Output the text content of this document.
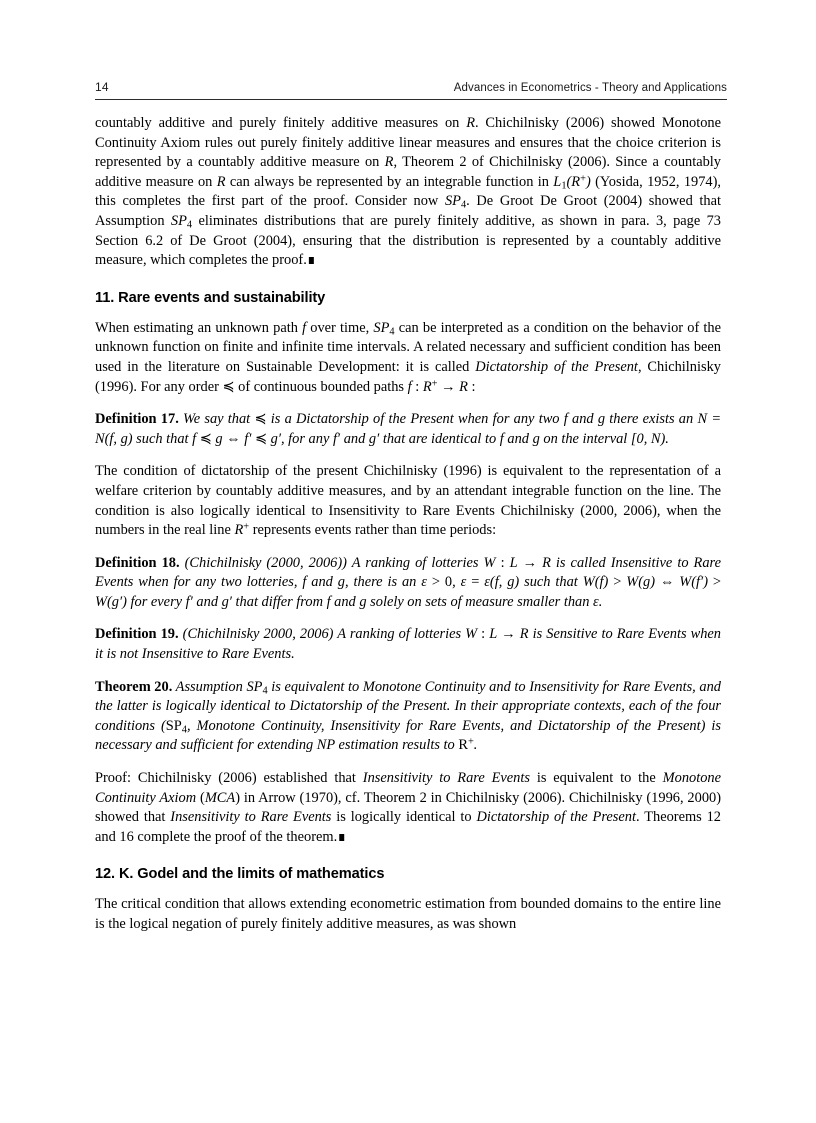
14	Advances in Econometrics - Theory and Applications

countably additive and purely finitely additive measures on R. Chichilnisky (2006) showed Monotone Continuity Axiom rules out purely finitely additive linear measures and ensures that the choice criterion is represented by a countably additive measure on R, Theorem 2 of Chichilnisky (2006). Since a countably additive measure on R can always be represented by an integrable function in $L_1(R^+)$ (Yosida, 1952, 1974), this completes the first part of the proof. Consider now $SP_4$. De Groot De Groot (2004) showed that Assumption $SP_4$ eliminates distributions that are purely finitely additive, as shown in para. 3, page 73 Section 6.2 of De Groot (2004), ensuring that the distribution is represented by a countably additive measure, which completes the proof.∎

11. Rare events and sustainability

When estimating an unknown path f over time, $SP_4$ can be interpreted as a condition on the behavior of the unknown function on finite and infinite time intervals. A related necessary and sufficient condition has been used in the literature on Sustainable Development: it is called Dictatorship of the Present, Chichilnisky (1996). For any order ≼ of continuous bounded paths f : R+ → R :

Definition 17. We say that ≼ is a Dictatorship of the Present when for any two f and g there exists an N = N(f, g) such that f ≼ g ⇔ f′ ≼ g′, for any f′ and g′ that are identical to f and g on the interval [0, N).

The condition of dictatorship of the present Chichilnisky (1996) is equivalent to the representation of a welfare criterion by countably additive measures, and by an attendant integrable function on the line. The condition is also logically identical to Insensitivity to Rare Events Chichilnisky (2000, 2006), when the numbers in the real line R+ represents events rather than time periods:

Definition 18. (Chichilnisky (2000, 2006)) A ranking of lotteries W : L → R is called Insensitive to Rare Events when for any two lotteries, f and g, there is an ε > 0, ε = ε(f, g) such that W(f) > W(g) ⇔ W(f′) > W(g′) for every f′ and g′ that differ from f and g solely on sets of measure smaller than ε.

Definition 19. (Chichilnisky 2000, 2006) A ranking of lotteries W : L → R is Sensitive to Rare Events when it is not Insensitive to Rare Events.

Theorem 20. Assumption $SP_4$ is equivalent to Monotone Continuity and to Insensitivity for Rare Events, and the latter is logically identical to Dictatorship of the Present. In their appropriate contexts, each of the four conditions ($SP_4$, Monotone Continuity, Insensitivity for Rare Events, and Dictatorship of the Present) is necessary and sufficient for extending NP estimation results to R+.

Proof: Chichilnisky (2006) established that Insensitivity to Rare Events is equivalent to the Monotone Continuity Axiom (MCA) in Arrow (1970), cf. Theorem 2 in Chichilnisky (2006). Chichilnisky (1996, 2000) showed that Insensitivity to Rare Events is logically identical to Dictatorship of the Present. Theorems 12 and 16 complete the proof of the theorem.∎

12. K. Godel and the limits of mathematics

The critical condition that allows extending econometric estimation from bounded domains to the entire line is the logical negation of purely finitely additive measures, as was shown
